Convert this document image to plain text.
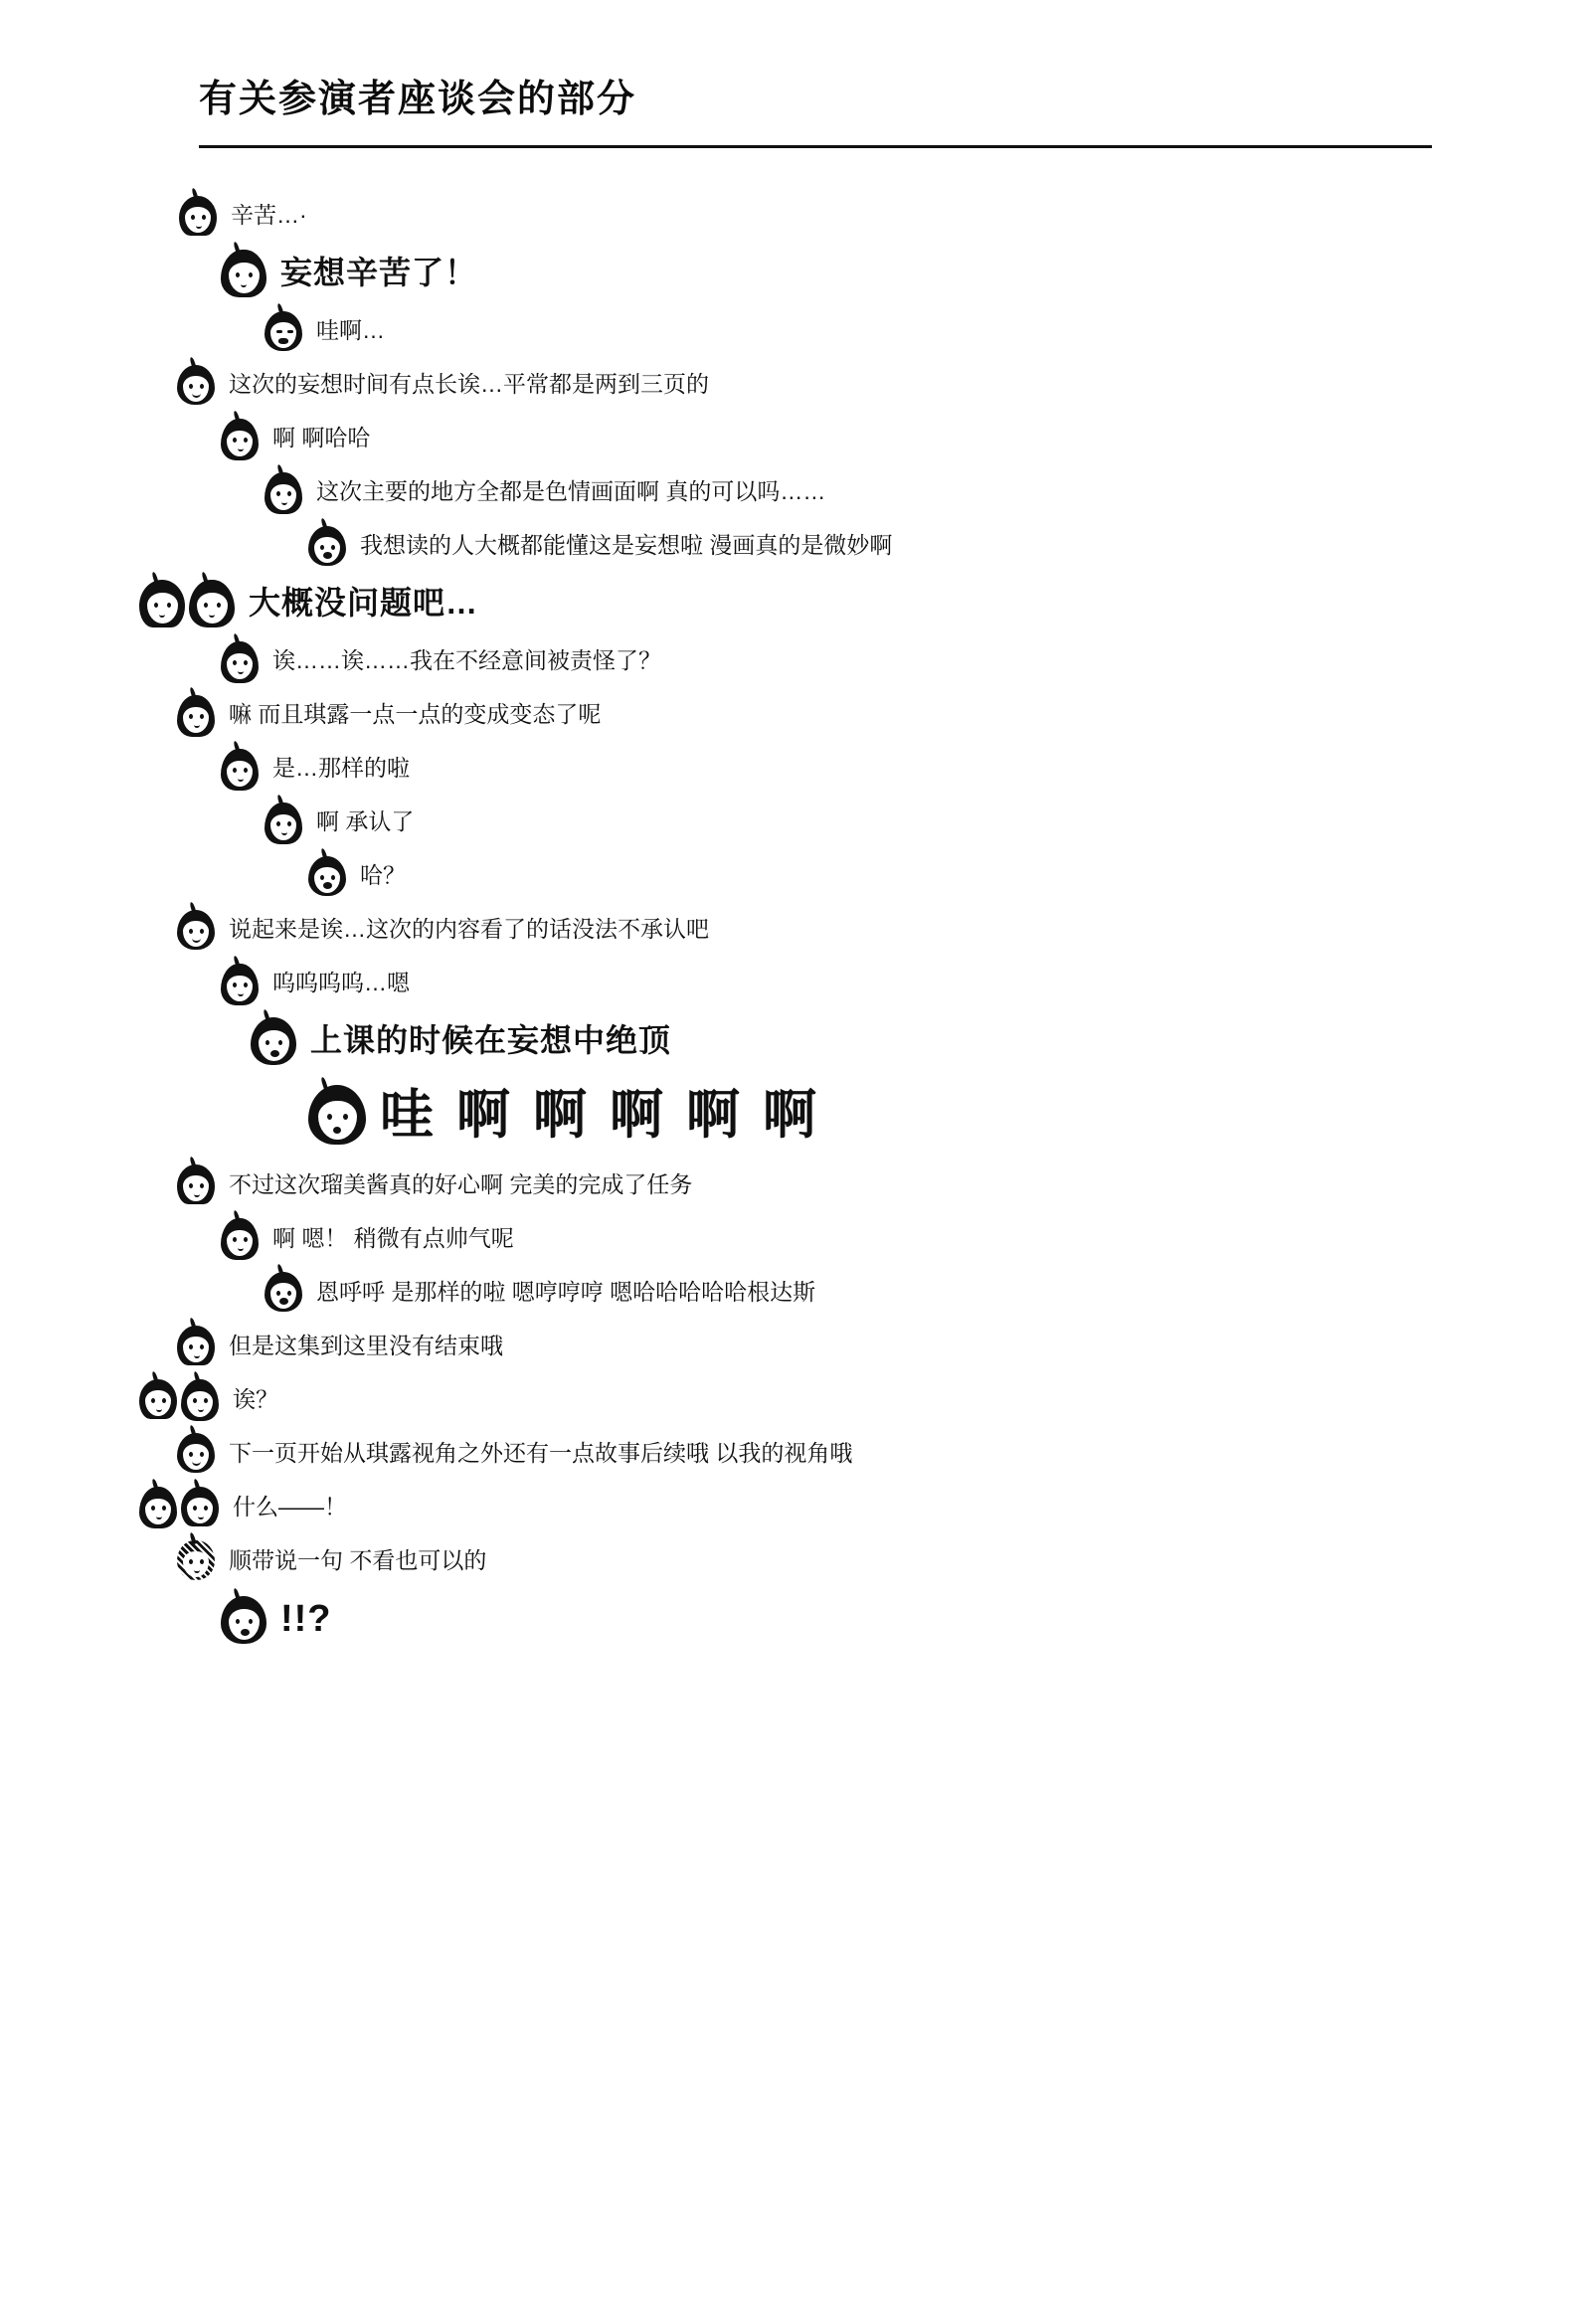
有关参演者座谈会的部分
辛苦…·
妄想辛苦了！
哇啊…
这次的妄想时间有点长诶…平常都是两到三页的
啊 啊哈哈
这次主要的地方全都是色情画面啊 真的可以吗……
我想读的人大概都能懂这是妄想啦 漫画真的是微妙啊
大概没问题吧…
诶……诶……我在不经意间被责怪了？
嘛 而且琪露一点一点的变成变态了呢
是…那样的啦
啊 承认了
哈？
说起来是诶…这次的内容看了的话没法不承认吧
呜呜呜呜…嗯
上课的时候在妄想中绝顶
哇 啊 啊 啊 啊 啊
不过这次瑠美酱真的好心啊 完美的完成了任务
啊 嗯！ 稍微有点帅气呢
恩呼呼 是那样的啦 嗯哼哼哼 嗯哈哈哈哈哈根达斯
但是这集到这里没有结束哦
诶？
下一页开始从琪露视角之外还有一点故事后续哦 以我的视角哦
什么——！
顺带说一句 不看也可以的
!!?
